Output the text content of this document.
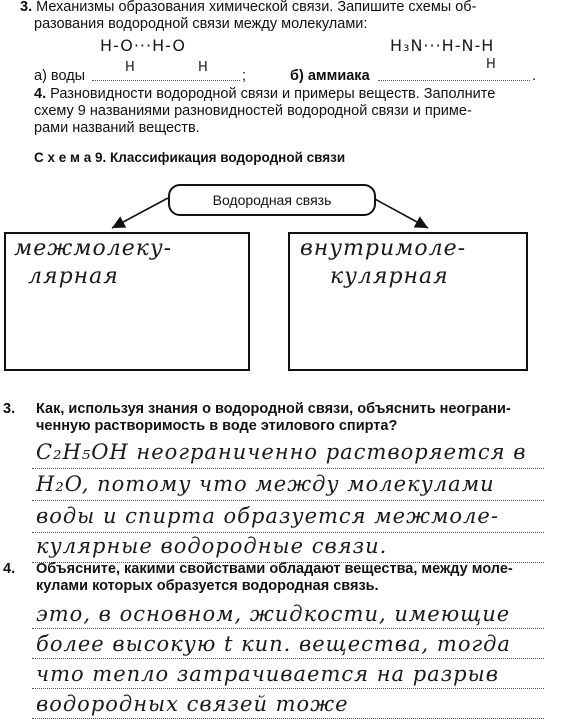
3. Механизмы образования химической связи. Запишите схемы об-
разования водородной связи между молекулами:
H-O···H-O
H	H
H₃N···H-N-H
H
а) воды	;	б) аммиака	.
4. Разновидности водородной связи и примеры веществ. Заполните
схему 9 названиями разновидностей водородной связи и приме-
рами названий веществ.
С х е м а 9. Классификация водородной связи
Водородная связь
межмолеку-
лярная
внутримоле-
кулярная
3. Как, используя знания о водородной связи, объяснить неограни-
ченную растворимость в воде этилового спирта?
C₂H₅OH неограниченно растворяется в
H₂O, потому что между молекулами
воды и спирта образуется межмоле-
кулярные водородные связи.
4. Объясните, какими свойствами обладают вещества, между моле-
кулами которых образуется водородная связь.
это, в основном, жидкости, имеющие
более высокую t кип. вещества, тогда
что тепло затрачивается на разрыв
водородных связей тоже
